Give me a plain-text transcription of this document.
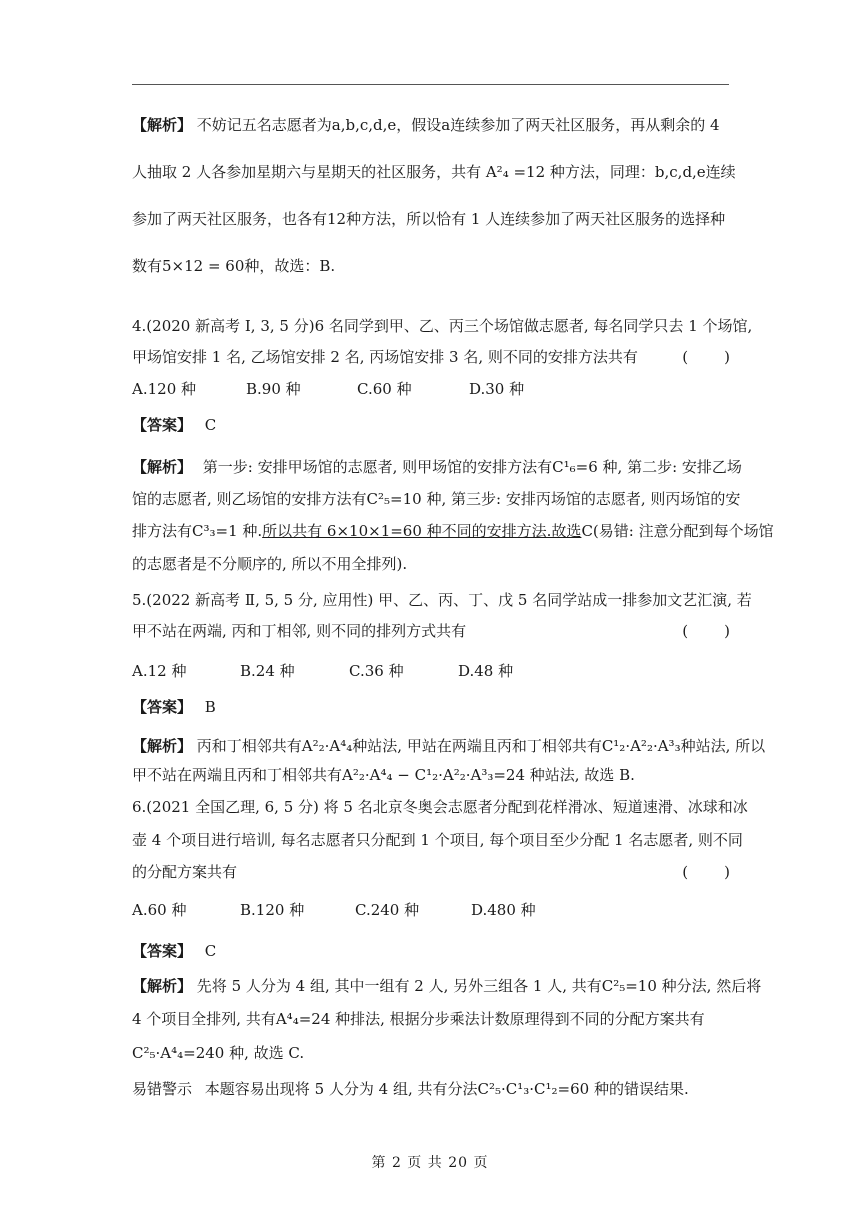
【解析】 不妨记五名志愿者为a,b,c,d,e，假设a连续参加了两天社区服务，再从剩余的 4
人抽取 2 人各参加星期六与星期天的社区服务，共有 A²₄ =12 种方法，同理：b,c,d,e连续
参加了两天社区服务，也各有12种方法，所以恰有 1 人连续参加了两天社区服务的选择种
数有5×12 = 60种，故选：B.
4.(2020 新高考 Ⅰ, 3, 5 分)6 名同学到甲、乙、丙三个场馆做志愿者, 每名同学只去 1 个场馆,
甲场馆安排 1 名, 乙场馆安排 2 名, 丙场馆安排 3 名, 则不同的安排方法共有	(　　)
A.120 种	B.90 种	C.60 种	D.30 种
【答案】 C
【解析】 第一步: 安排甲场馆的志愿者, 则甲场馆的安排方法有C¹₆=6 种, 第二步: 安排乙场
馆的志愿者, 则乙场馆的安排方法有C²₅=10 种, 第三步: 安排丙场馆的志愿者, 则丙场馆的安
排方法有C³₃=1 种.所以共有 6×10×1=60 种不同的安排方法.故选C(易错: 注意分配到每个场馆
的志愿者是不分顺序的, 所以不用全排列).
5.(2022 新高考 Ⅱ, 5, 5 分, 应用性) 甲、乙、丙、丁、戊 5 名同学站成一排参加文艺汇演, 若
甲不站在两端, 丙和丁相邻, 则不同的排列方式共有	(　　)
A.12 种	B.24 种	C.36 种	D.48 种
【答案】 B
【解析】 丙和丁相邻共有A²₂·A⁴₄种站法, 甲站在两端且丙和丁相邻共有C¹₂·A²₂·A³₃种站法, 所以
甲不站在两端且丙和丁相邻共有A²₂·A⁴₄ − C¹₂·A²₂·A³₃=24 种站法, 故选 B.
6.(2021 全国乙理, 6, 5 分) 将 5 名北京冬奥会志愿者分配到花样滑冰、短道速滑、冰球和冰
壶 4 个项目进行培训, 每名志愿者只分配到 1 个项目, 每个项目至少分配 1 名志愿者, 则不同
的分配方案共有	(　　)
A.60 种	B.120 种	C.240 种	D.480 种
【答案】 C
【解析】 先将 5 人分为 4 组, 其中一组有 2 人, 另外三组各 1 人, 共有C²₅=10 种分法, 然后将
4 个项目全排列, 共有A⁴₄=24 种排法, 根据分步乘法计数原理得到不同的分配方案共有
C²₅·A⁴₄=240 种, 故选 C.
易错警示 本题容易出现将 5 人分为 4 组, 共有分法C²₅·C¹₃·C¹₂=60 种的错误结果.
第 2 页 共 20 页
